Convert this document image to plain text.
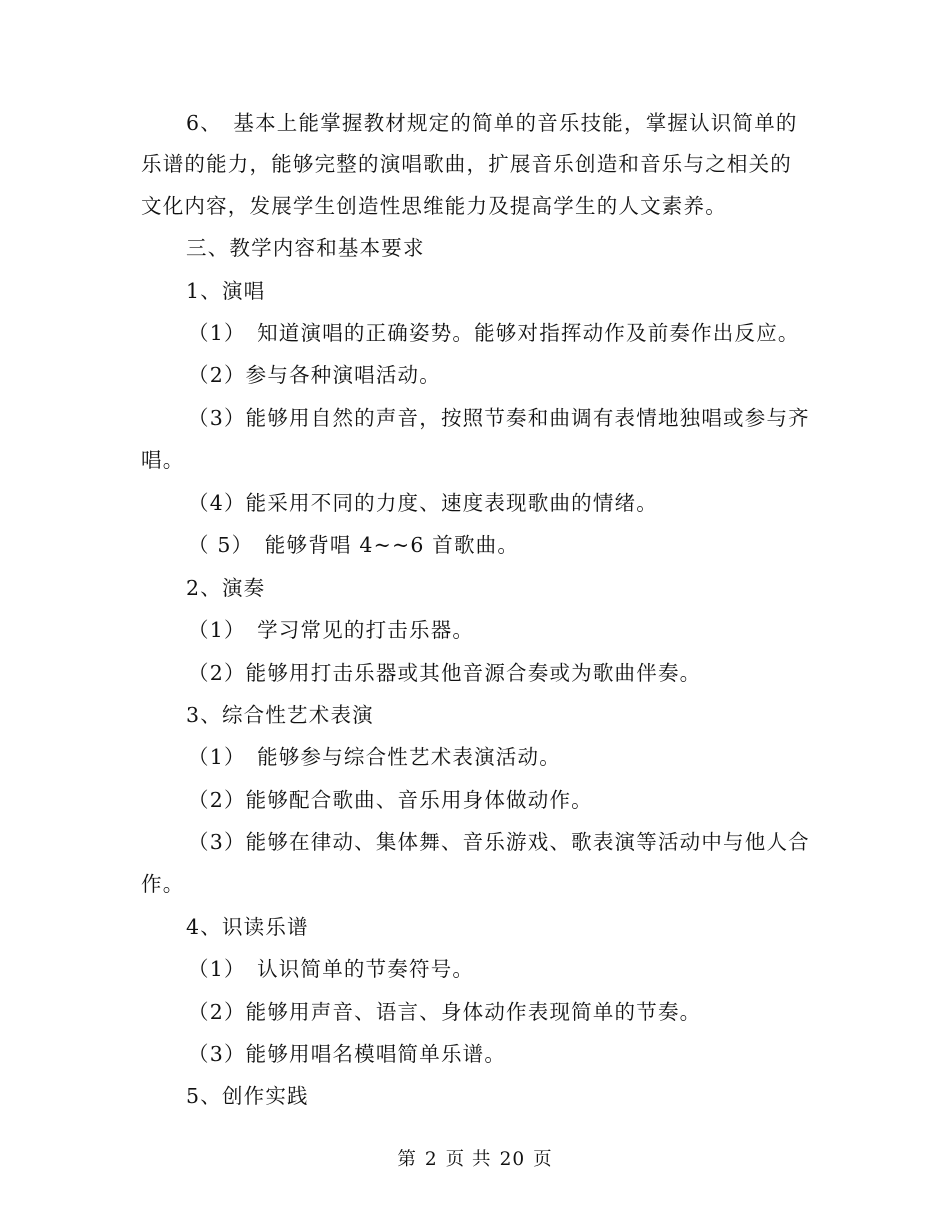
6、　基本上能掌握教材规定的简单的音乐技能，掌握认识简单的
乐谱的能力，能够完整的演唱歌曲，扩展音乐创造和音乐与之相关的
文化内容，发展学生创造性思维能力及提高学生的人文素养。
三、教学内容和基本要求
1、演唱
（1）　知道演唱的正确姿势。能够对指挥动作及前奏作出反应。
（2）参与各种演唱活动。
（3）能够用自然的声音，按照节奏和曲调有表情地独唱或参与齐
唱。
（4）能采用不同的力度、速度表现歌曲的情绪。
（ 5）　能够背唱 4~~6 首歌曲。
2、演奏
（1）　学习常见的打击乐器。
（2）能够用打击乐器或其他音源合奏或为歌曲伴奏。
3、综合性艺术表演
（1）　能够参与综合性艺术表演活动。
（2）能够配合歌曲、音乐用身体做动作。
（3）能够在律动、集体舞、音乐游戏、歌表演等活动中与他人合
作。
4、识读乐谱
（1）　认识简单的节奏符号。
（2）能够用声音、语言、身体动作表现简单的节奏。
（3）能够用唱名模唱简单乐谱。
5、创作实践
第 2 页 共 20 页
